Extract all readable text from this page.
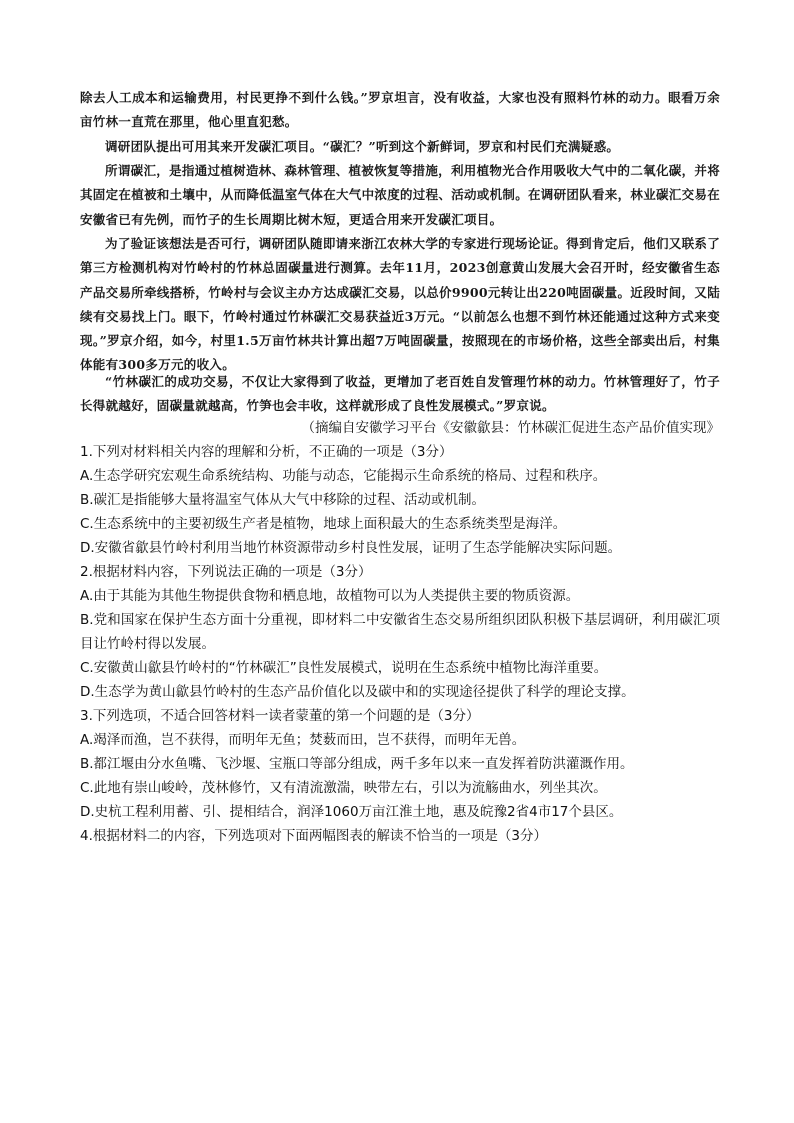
除去人工成本和运输费用，村民更挣不到什么钱。”罗京坦言，没有收益，大家也没有照料竹林的动力。眼看万余亩竹林一直荒在那里，他心里直犯愁。

调研团队提出可用其来开发碳汇项目。“碳汇？”听到这个新鲜词，罗京和村民们充满疑惑。

所谓碳汇，是指通过植树造林、森林管理、植被恢复等措施，利用植物光合作用吸收大气中的二氧化碳，并将其固定在植被和土壤中，从而降低温室气体在大气中浓度的过程、活动或机制。在调研团队看来，林业碳汇交易在安徽省已有先例，而竹子的生长周期比树木短，更适合用来开发碳汇项目。

为了验证该想法是否可行，调研团队随即请来浙江农林大学的专家进行现场论证。得到肯定后，他们又联系了第三方检测机构对竹岭村的竹林总固碳量进行测算。去年11月，2023创意黄山发展大会召开时，经安徽省生态产品交易所牵线搭桥，竹岭村与会议主办方达成碳汇交易，以总价9900元转让出220吨固碳量。近段时间，又陆续有交易找上门。眼下，竹岭村通过竹林碳汇交易获益近3万元。“以前怎么也想不到竹林还能通过这种方式来变现。”罗京介绍，如今，村里1.5万亩竹林共计算出超7万吨固碳量，按照现在的市场价格，这些全部卖出后，村集体能有300多万元的收入。

“竹林碳汇的成功交易，不仅让大家得到了收益，更增加了老百姓自发管理竹林的动力。竹林管理好了，竹子长得就越好，固碳量就越高，竹笋也会丰收，这样就形成了良性发展模式。”罗京说。

（摘编自安徽学习平台《安徽歙县：竹林碳汇促进生态产品价值实现》

1.下列对材料相关内容的理解和分析，不正确的一项是（3分）

A.生态学研究宏观生命系统结构、功能与动态，它能揭示生命系统的格局、过程和秩序。

B.碳汇是指能够大量将温室气体从大气中移除的过程、活动或机制。

C.生态系统中的主要初级生产者是植物，地球上面积最大的生态系统类型是海洋。

D.安徽省歙县竹岭村利用当地竹林资源带动乡村良性发展，证明了生态学能解决实际问题。

2.根据材料内容，下列说法正确的一项是（3分）

A.由于其能为其他生物提供食物和栖息地，故植物可以为人类提供主要的物质资源。

B.党和国家在保护生态方面十分重视，即材料二中安徽省生态交易所组织团队积极下基层调研，利用碳汇项目让竹岭村得以发展。

C.安徽黄山歙县竹岭村的“竹林碳汇”良性发展模式，说明在生态系统中植物比海洋重要。

D.生态学为黄山歙县竹岭村的生态产品价值化以及碳中和的实现途径提供了科学的理论支撑。

3.下列选项，不适合回答材料一读者蒙董的第一个问题的是（3分）

A.竭泽而渔，岂不获得，而明年无鱼；焚薮而田，岂不获得，而明年无兽。

B.都江堰由分水鱼嘴、飞沙堰、宝瓶口等部分组成，两千多年以来一直发挥着防洪灌溉作用。

C.此地有崇山峻岭，茂林修竹，又有清流激湍，映带左右，引以为流觞曲水，列坐其次。

D.史杭工程利用蓄、引、提相结合，润泽1060万亩江淮土地，惠及皖豫2省4市17个县区。

4.根据材料二的内容，下列选项对下面两幅图表的解读不恰当的一项是（3分）
